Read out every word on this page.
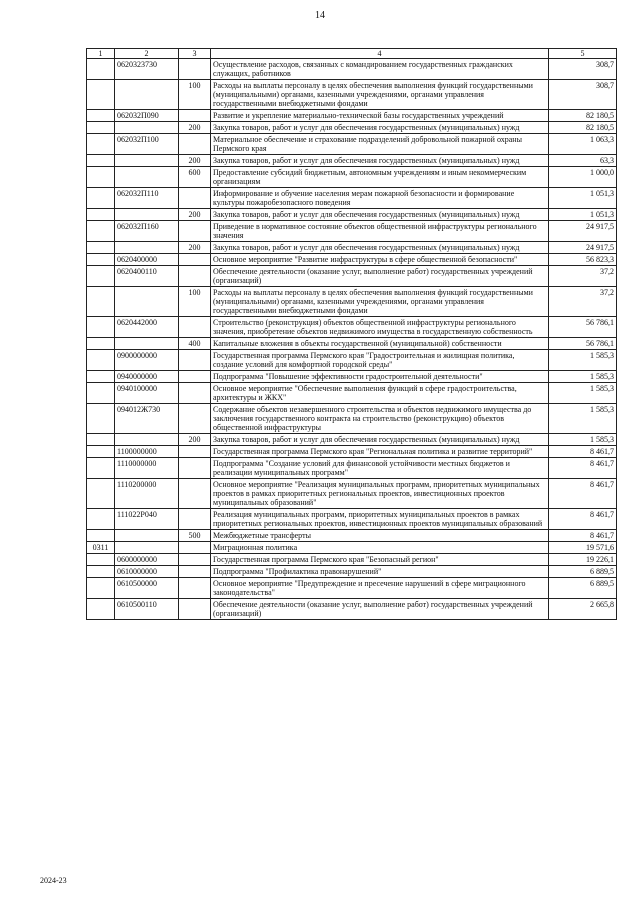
14
1	2	3	4	5
	0620323730		Осуществление расходов, связанных с командированием государственных гражданских служащих, работников	308,7
		100	Расходы на выплаты персоналу в целях обеспечения выполнения функций государственными (муниципальными) органами, казенными учреждениями, органами управления государственными внебюджетными фондами	308,7
	062032П090		Развитие и укрепление материально-технической базы государственных учреждений	82 180,5
		200	Закупка товаров, работ и услуг для обеспечения государственных (муниципальных) нужд	82 180,5
	062032П100		Материальное обеспечение и страхование подразделений добровольной пожарной охраны Пермского края	1 063,3
		200	Закупка товаров, работ и услуг для обеспечения государственных (муниципальных) нужд	63,3
		600	Предоставление субсидий бюджетным, автономным учреждениям и иным некоммерческим организациям	1 000,0
	062032П110		Информирование и обучение населения мерам пожарной безопасности и формирование культуры пожаробезопасного поведения	1 051,3
		200	Закупка товаров, работ и услуг для обеспечения государственных (муниципальных) нужд	1 051,3
	062032П160		Приведение в нормативное состояние объектов общественной инфраструктуры регионального значения	24 917,5
		200	Закупка товаров, работ и услуг для обеспечения государственных (муниципальных) нужд	24 917,5
	0620400000		Основное мероприятие "Развитие инфраструктуры в сфере общественной безопасности"	56 823,3
	0620400110		Обеспечение деятельности (оказание услуг, выполнение работ) государственных учреждений (организаций)	37,2
		100	Расходы на выплаты персоналу в целях обеспечения выполнения функций государственными (муниципальными) органами, казенными учреждениями, органами управления государственными внебюджетными фондами	37,2
	0620442000		Строительство (реконструкция) объектов общественной инфраструктуры регионального значения, приобретение объектов недвижимого имущества в государственную собственность	56 786,1
		400	Капитальные вложения в объекты государственной (муниципальной) собственности	56 786,1
	0900000000		Государственная программа Пермского края "Градостроительная и жилищная политика, создание условий для комфортной городской среды"	1 585,3
	0940000000		Подпрограмма "Повышение эффективности градостроительной деятельности"	1 585,3
	0940100000		Основное мероприятие "Обеспечение выполнения функций в сфере градостроительства, архитектуры и ЖКХ"	1 585,3
	094012Ж730		Содержание объектов незавершенного строительства и объектов недвижимого имущества до заключения государственного контракта на строительство (реконструкцию) объектов общественной инфраструктуры	1 585,3
		200	Закупка товаров, работ и услуг для обеспечения государственных (муниципальных) нужд	1 585,3
	1100000000		Государственная программа Пермского края "Региональная политика и развитие территорий"	8 461,7
	1110000000		Подпрограмма "Создание условий для финансовой устойчивости местных бюджетов и реализации муниципальных программ"	8 461,7
	1110200000		Основное мероприятие "Реализация муниципальных программ, приоритетных муниципальных проектов в рамках приоритетных региональных проектов, инвестиционных проектов муниципальных образований"	8 461,7
	111022Р040		Реализация муниципальных программ, приоритетных муниципальных проектов в рамках приоритетных региональных проектов, инвестиционных проектов муниципальных образований	8 461,7
		500	Межбюджетные трансферты	8 461,7
0311			Миграционная политика	19 571,6
	0600000000		Государственная программа Пермского края "Безопасный регион"	19 226,1
	0610000000		Подпрограмма "Профилактика правонарушений"	6 889,5
	0610500000		Основное мероприятие "Предупреждение и пресечение нарушений в сфере миграционного законодательства"	6 889,5
	0610500110		Обеспечение деятельности (оказание услуг, выполнение работ) государственных учреждений (организаций)	2 665,8
2024-23
